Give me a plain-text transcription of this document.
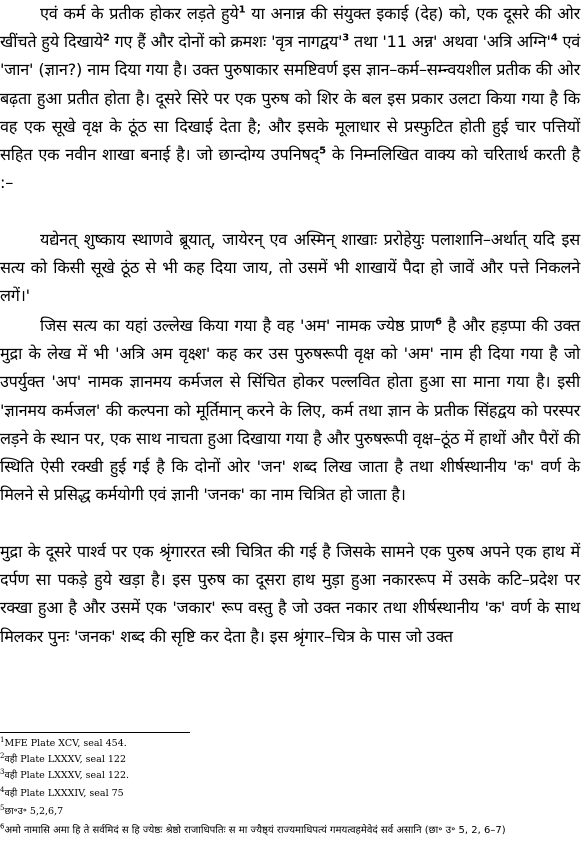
एवं कर्म के प्रतीक होकर लड़ते हुये$^1$ या अनान्न की संयुक्त इकाई (देह) को, एक दूसरे की ओर खींचते हुये दिखाये$^2$ गए हैं और दोनों को क्रमशः 'वृत्र $नागद्वय'^3$ तथा '11 अन्न' अथवा 'अत्रि $अग्नि'^4$ एवं 'जान' (ज्ञान?) नाम दिया गया है। उक्त पुरुषाकार समष्टिवर्ण इस ज्ञान–कर्म–सम्न्वयशील प्रतीक की ओर बढ़ता हुआ प्रतीत होता है। दूसरे सिरे पर एक पुरुष को शिर के बल इस प्रकार उलटा किया गया है कि वह एक सूखे वृक्ष के ठूंठ सा दिखाई देता है; और इसके मूलाधार से प्रस्फुटित होती हुई चार पत्तियों सहित एक नवीन शाखा बनाई है। जो छान्दोग्य उपनिषद्$^5$ के निम्नलिखित वाक्य को चरितार्थ करती है :–

यद्येनत् शुष्काय स्थाणवे ब्रूयात्, जायेरन् एव अस्मिन् शाखाः प्ररोहेयुः पलाशानि–अर्थात् यदि इस सत्य को किसी सूखे ठूंठ से भी कह दिया जाय, तो उसमें भी शाखायें पैदा हो जावें और पत्ते निकलने लगें।'

जिस सत्य का यहां उल्लेख किया गया है वह 'अम' नामक ज्येष्ठ प्राण$^6$ है और हड़प्पा की उक्त मुद्रा के लेख में भी 'अत्रि अम वृक्ष्श' कह कर उस पुरुषरूपी वृक्ष को 'अम' नाम ही दिया गया है जो उपर्युक्त 'अप' नामक ज्ञानमय कर्मजल से सिंचित होकर पल्लवित होता हुआ सा माना गया है। इसी 'ज्ञानमय कर्मजल' की कल्पना को मूर्तिमान् करने के लिए, कर्म तथा ज्ञान के प्रतीक सिंहद्वय को परस्पर लड़ने के स्थान पर, एक साथ नाचता हुआ दिखाया गया है और पुरुषरूपी वृक्ष–ठूंठ में हाथों और पैरों की स्थिति ऐसी रक्खी हुई गई है कि दोनों ओर 'जन' शब्द लिख जाता है तथा शीर्षस्थानीय 'क' वर्ण के मिलने से प्रसिद्ध कर्मयोगी एवं ज्ञानी 'जनक' का नाम चित्रित हो जाता है।

मुद्रा के दूसरे पार्श्व पर एक श्रृंगाररत स्त्री चित्रित की गई है जिसके सामने एक पुरुष अपने एक हाथ में दर्पण सा पकड़े हुये खड़ा है। इस पुरुष का दूसरा हाथ मुड़ा हुआ नकाररूप में उसके कटि–प्रदेश पर रक्खा हुआ है और उसमें एक 'जकार' रूप वस्तु है जो उक्त नकार तथा शीर्षस्थानीय 'क' वर्ण के साथ मिलकर पुनः 'जनक' शब्द की सृष्टि कर देता है। इस श्रृंगार–चित्र के पास जो उक्त

$^1$MFE Plate XCV, seal 454.

$^2$वही Plate LXXXV, seal 122

$^3$वही Plate LXXXV, seal 122.

$^4$वही Plate LXXXIV, seal 75

$^5$छा॰उ॰ 5,2,6,7

$^6$अमो नामासि अमा हि ते सर्वमिदं स हि ज्येष्ठः श्रेष्ठो राजाधिपतिः स मा ज्यैष्ठ्यं राज्यमाधिपत्यं गमयत्वहमेवेदं सर्व असानि (छा॰ उ॰ 5, 2, 6–7)
